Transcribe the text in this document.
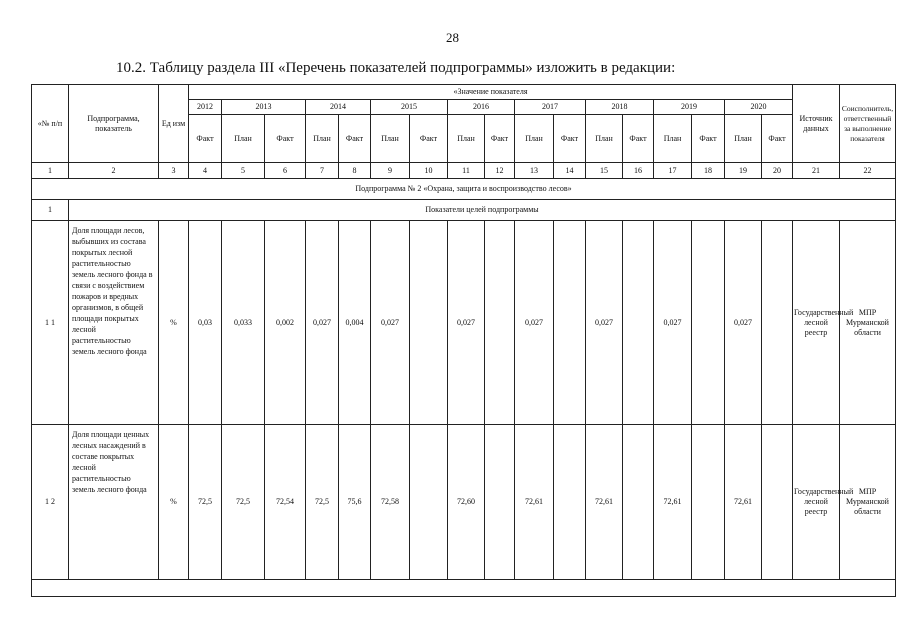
28
10.2. Таблицу раздела III «Перечень показателей подпрограммы» изложить в редакции:
«№ п/п	Подпрограмма, показатель	Ед изм	«Значение показателя																	Источник данных	Соисполнитель, ответственный за выполнение показателя
			2012	2013		2014		2015		2016		2017		2018		2019		2020			
			Факт	План	Факт	План	Факт	План	Факт	План	Факт	План	Факт	План	Факт	План	Факт	План	Факт		
1	2	3	4	5	6	7	8	9	10	11	12	13	14	15	16	17	18	19	20	21	22
Подпрограмма № 2 «Охрана, защита и воспроизводство лесов»																					
1	Показатели целей подпрограммы																				
1 1	Доля площади лесов, выбывших из состава покрытых лесной растительностью земель лесного фонда в связи с воздействием пожаров и вредных организмов, в общей площади покрытых лесной растительностью земель лесного фонда	%	0,03	0,033	0,002	0,027	0,004	0,027		0,027		0,027		0,027		0,027		0,027		Государственный лесной реестр	МПР Мурманской области
1 2	Доля площади ценных лесных насаждений в составе покрытых лесной растительностью земель лесного фонда	%	72,5	72,5	72,54	72,5	75,6	72,58		72,60		72,61		72,61		72,61		72,61		Государственный лесной реестр	МПР Мурманской области
